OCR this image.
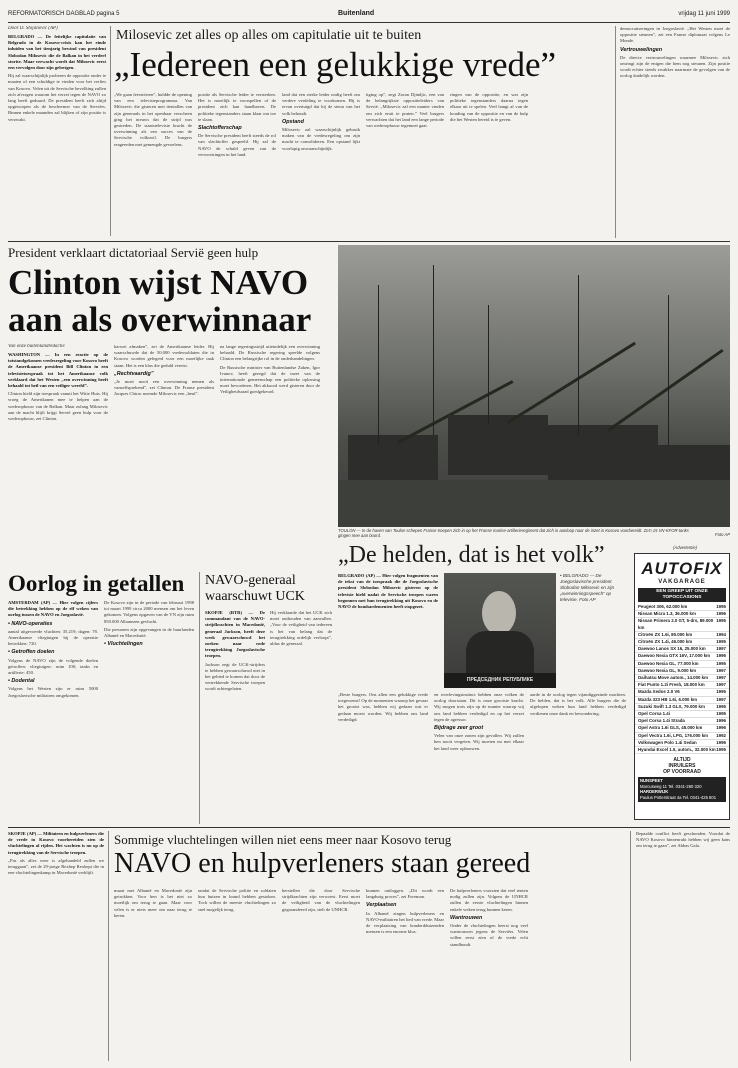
REFORMATORISCH DAGBLAD pagina 5	Buitenland	vrijdag 11 juni 1999

Door D. Stojanovic (AP)

BELGRADO — De feitelijke capitulatie van Belgrado in de Kosovo-crisis kan het einde inluiden van het tienjarig bewind van president Slobodan Milosevic die de Balkan in het verderf stortte. Maar verwacht wordt dat Milosevic eerst een vervolgen door zijn gelovigen.

Hij zal waarschijnlijk proberen de oppositie onder te maaien of een schuldige te vinden voor het verlies van Kosovo. Velen uit de Servische bevolking zullen zich afvragen waarom het verzet tegen de NAVO zo lang heeft geduurd. De president heeft zich altijd opgeworpen als de beschermer van de Serviërs. Binnen enkele maanden zal blijken of zijn positie is verzwakt.

Milosevic zet alles op alles om capitulatie uit te buiten
„Iedereen een gelukkige vrede”

„We gaan feestvieren”, huldde de opening van een televisieprogramma. Van Milosevic die gisteren met tientallen van zijn generaals in het openbaar verscheen ging het nieuws dat de strijd was gestreden. De staatstelevisie bracht de overwinning als een succes van de Servische volkswil. De burgers reageerden met gemengde gevoelens.

positie als Servische leider te versterken. Het is moeilijk te voorspellen of de president zich kan handhaven. De politieke tegenstanders staan klaar om toe te slaan.

Slachtofferschap

De Servische president heeft steeds de rol van slachtoffer gespeeld. Hij zal de NAVO de schuld geven van de verwoestingen in het land.

land dat een sterke leider nodig heeft om verdere verdeling te voorkomen. Hij is ervan overtuigd dat hij de steun van het volk behoudt.

Opstand

Milosevic zal waarschijnlijk gebruik maken van de vredesregeling om zijn macht te consolideren. Een opstand lijkt voorlopig onwaarschijnlijk.

tiging op”, zegt Zoran Djindjic, een van de belangrijkste oppositieleiders van Servië. „Milosevic zal een manier vinden om zich eruit te praten.” Veel burgers verwachten dat het land een lange periode van wederopbouw tegemoet gaat.

ringen van de oppositie, en wat zijn politieke tegenstanders daarna tegen elkaar uit te spelen. Veel hangt af van de houding van de oppositie en van de hulp die het Westen bereid is te geven.

democratiseringen in Joegoslavië. „Het Westen moet de oppositie steunen”, zei een Franse diplomaat volgens Le Monde.

Vertrouwelingen

De directe vertrouwelingen waarmee Milosevic zich omringt zijn de enigen die hem nog steunen. Zijn positie wordt echter steeds zwakker naarmate de gevolgen van de oorlog duidelijk worden.

President verklaart dictatoriaal Servië geen hulp
Clinton wijst NAVO
aan als overwinnaar

Van onze buitenlandredactie

WASHINGTON — In een reactie op de totstandgekomen vredesregeling voor Kosovo heeft de Amerikaanse president Bill Clinton in een televisietoespraak tot het Amerikaanse volk verklaard dat het Westen „een overwinning heeft behaald tot heil van een veiliger wereld”.

Clinton hield zijn toespraak vanuit het Witte Huis. Hij vroeg de Amerikanen mee te helpen aan de wederopbouw van de Balkan. Maar zolang Milosevic aan de macht blijft krijgt Servië geen hulp voor de wederopbouw, zei Clinton.

karwei afmaken”, zei de Amerikaanse leider. Hij waarschuwde dat de 50.000 vredessoldaten die in Kosovo worden gelegerd voor een moeilijke taak staan. Het is een klus die geduld vereist.

„Rechtvaardig”

„Je moet nooit een overwinning nemen als vanzelfsprekend”, zei Clinton. De Franse president Jacques Chirac noemde Milosevic een „beul”.

na lange regeringsstrijd uiteindelijk een overwinning behaald. De Russische regering speelde volgens Clinton een belangrijke rol in de onderhandelingen.

De Russische minister van Buitenlandse Zaken, Igor Ivanov, heeft gezegd dat de inzet van de internationale gemeenschap een politieke oplossing moet bevorderen. Het akkoord werd gisteren door de Veiligheidsraad goedgekeurd.

TOULON — In de haven van Toulon schepen Franse troepen zich in op het Franse marine-artillerieregiment dat zich in aanloop naar de inzet in Kosovo voorbereidt. Zo'n 15 VN-KFOR-tanks gingen mee aan boord.	Foto AP
„De helden, dat is het volk”

BELGRADO (AP) — Hier volgen fragmenten van de tekst van de toespraak die de Joegoslavische president Slobodan Milosevic gisteren op de televisie hield nadat de Servische troepen waren begonnen met hun terugtrekking uit Kosovo en de NAVO de bombardementen heeft stopgezet.

ПРЕДСЕДНИК РЕПУБЛИКЕ
• BELGRADO — De Joegoslavische president Slobodan Milosevic en zijn „overwinningsspeech” op televisie. Foto AP

„Beste burgers. Ons allen een gelukkige vrede toegewenst! Op de momenten waarop het gevaar het grootst was, hebben wij gedaan wat er gedaan moest worden. Wij hebben ons land verdedigd.

en overlevingsinstinct hebben onze volken de oorlog doorstaan. Dit is onze grootste kracht. Wij mogen trots zijn op de manier waarop wij ons land hebben verdedigd en op het verzet tegen de agressor.

Bijdrage zeer groot

Velen van onze zonen zijn gevallen. Wij zullen hen nooit vergeten. Wij moeten nu met elkaar het land weer opbouwen.

aarde in de oorlog tegen vijandiggezinde machten. De helden, dat is het volk. Alle burgers die de afgelopen weken hun land hebben verdedigd verdienen onze dank en bewondering.

(Advertentie)
AUTOFIX
VAKGARAGE
EEN GREEP UIT ONZE
TOPOCCASIONS
Peugeot 306, 62.000 km	1995
Nissan Micra 1.3, 36.000 km	1996
Nissan Primera 2.0 GT, 5-drs, 89.000 km
1995
Citroën ZX 1.6i, 80.000 km	1994
Citroën ZX 1.4i, 46.000 km	1995
Daewoo Lanos SX 16, 25.000 km 1997
Daewoo Nexia GTX 16V, 17.000 km 1996
Daewoo Nexia GL, 77.000 km	1995
Daewoo Nexia GL, 9.000 km	1997
Daihatsu Move autom., 14.000 km 1997
Fiat Punto 1.2i Fresh, 18.000 km	1997
Mazda Xedos 2.0 V6	1995
Mazda 323 HB 1.6i, 6.000 km	1997
Suzuki Swift 1.3 GLX, 79.000 km	1995
Opel Corsa 1.4i	1995
Opel Corsa 1.4i Strada	1996
Opel Astra 1.6i GLS, 45.000 km	1996
Opel Vectra 1.6i, LPG, 176.000 km 1992
Volkswagen Polo 1.4i Sedan	1996
Hyundai Excel 1.5, autom., 32.000 km 1995
ALTIJD
INRUILERS
OP VOORRAAD
NUNSPEET
Marcusweg 11 Tel. 0341-260 320
HARDERWIJK
Paulus Potterstraat 4a Tel. 0341-425 801
Oorlog in getallen

AMSTERDAM (AP) — Hier volgen cijfers die betrekking hebben op de elf weken van oorlog tussen de NAVO en Joegoslavië.

• NAVO-operaties

aantal uitgevoerde vluchten: 35.219; dagen: 78. Amerikaanse vliegtuigen bij de operatie betrokken: 720.

• Getroffen doelen

Volgens de NAVO zijn de volgende doelen getroffen: vliegtuigen: ruim 100; tanks en artillerie: 450.

• Dodental

Volgens het Westen zijn er ruim 5000 Joegoslavische militairen omgekomen.

De Kosovo zijn in de periode van februari 1998 tot maart 1999 circa 2000 mensen om het leven gekomen. Volgens opgaven van de VN zijn ruim 850.000 Albanezen gevlucht.

Die personen zijn opgevangen in de buurlanden Albanië en Macedonië.

• Vluchtelingen

NAVO-generaal
waarschuwt UCK

SKOPJE (RTR) — De commandant van de NAVO-strijdkrachten in Macedonië, generaal Jackson, heeft deze week gewaarschuwd het zoeken naar rode terugtrekking Joegoslavische troepen.

Jackson zegt de UCK-strijders te hebben gewaarschuwd niet in het gebied te komen dat door de vertrekkende Servische troepen wordt achtergelaten.

Hij verklaarde dat het UCK zich moet onthouden van aanvallen. „Voor de veiligheid van iedereen is het van belang dat de terugtrekking ordelijk verloopt”, aldus de generaal.

SKOPJE (AP) — Militairen en hulpverleners die de vrede in Kosovo voorbereiden zien de vluchtelingen al rijden. Het wachten is nu op de terugtrekking van de Servische troepen.

„Pas als alles weer is afgehandeld zullen we teruggaan”, zei de 29-jarige Rexhep Rexhepi die in een vluchtelingenkamp in Macedonië verblijft.

Sommige vluchtelingen willen niet eens meer naar Kosovo terug
NAVO en hulpverleners staan gereed

maart met Albanië en Macedonië zijn getrokken. Voor hen is het niet zo moeilijk om terug te gaan. Maar voor velen is er niets meer om naar terug te keren.

omdat de Servische politie en soldaten hun huizen in brand hebben gestoken. Toch willen de meeste vluchtelingen zo snel mogelijk terug.

herstellen die door Servische strijdkrachten zijn verwoest. Eerst moet de veiligheid van de vluchtelingen gegarandeerd zijn, stelt de UNHCR.

kunnen ontloggen. „Dit wordt een langdurig proces”, zei Foreman.

Verplaatsen

In Albanië zingen hulpverleners en NAVO-militairen het lied van vrede. Maar de verplaatsing van honderdduizenden mensen is een enorme klus.

De hulpverleners voorzien dat veel tenten nodig zullen zijn. Volgens de UNHCR zullen de eerste vluchtelingen binnen enkele weken terug kunnen keren.

Wantrouwen

Onder de vluchtelingen heerst nog veel wantrouwen jegens de Serviërs. Velen willen eerst zien of de vrede echt standhoudt.

Bepaalde conflict heeft geschonden. Voordat de NAVO Kosovo binnenrukt hebben wij geen kans om terug te gaan”, zei Abbas Gala.
